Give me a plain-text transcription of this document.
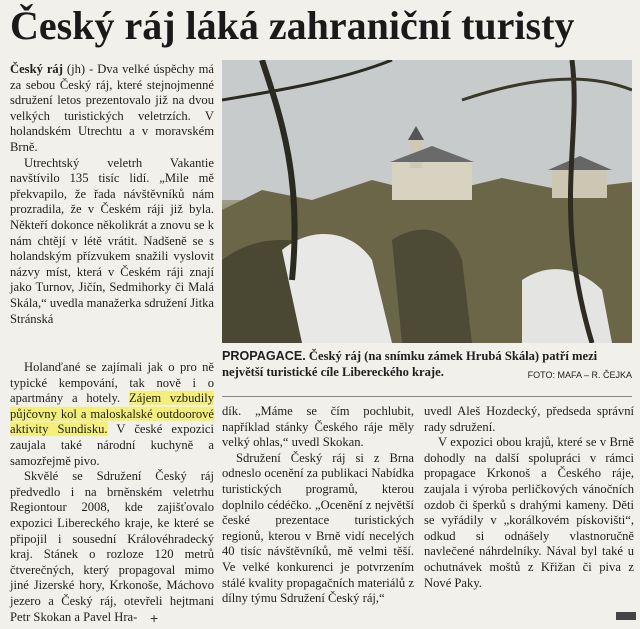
Český ráj láká zahraniční turisty

Český ráj (jh) - Dva velké úspěchy má za sebou Český ráj, které stejnojmenné sdružení letos prezentovalo již na dvou velkých turistických veletrzích. V holandském Utrechtu a v moravském Brně.

Utrechtský veletrh Vakantie navštívilo 135 tisíc lidí. „Mile mě překvapilo, že řada návštěvníků nám prozradila, že v Českém ráji již byla. Někteří dokonce několikrát a znovu se k nám chtějí v létě vrátit. Nadšeně se s holandským přízvukem snažili vyslovit názvy míst, která v Českém ráji znají jako Turnov, Jičín, Sedmihorky či Malá Skála,“ uvedla manažerka sdružení Jitka Stránská

Holanďané se zajímali jak o pro ně typické kempování, tak nově i o apartmány a hotely. Zájem vzbudily půjčovny kol a maloskalské outdoorové aktivity Sundisku. V české expozici zaujala také národní kuchyně a samozřejmě pivo.

Skvělé se Sdružení Český ráj předvedlo i na brněnském veletrhu Regiontour 2008, kde zajišťovalo expozici Libereckého kraje, ke které se připojil i sousední Královéhradecký kraj. Stánek o rozloze 120 metrů čtverečných, který propagoval mimo jiné Jizerské hory, Krkonoše, Máchovo jezero a Český ráj, otevřeli hejtmani Petr Skokan a Pavel Hra-

PROPAGACE. Český ráj (na snímku zámek Hrubá Skála) patří mezi největší turistické cíle Libereckého kraje.	FOTO: MAFA – R. ČEJKA

dík. „Máme se čím pochlubit, například stánky Českého ráje měly velký ohlas,“ uvedl Skokan.

Sdružení Český ráj si z Brna odneslo ocenění za publikaci Nabídka turistických programů, kterou doplnilo cédéčko. „Ocenění z největší české prezentace turistických regionů, kterou v Brně vidí necelých 40 tisíc návštěvníků, mě velmi těší. Ve velké konkurenci je potvrzením stálé kvality propagačních materiálů z dílny týmu Sdružení Český ráj,“

uvedl Aleš Hozdecký, předseda správní rady sdružení.

V expozici obou krajů, které se v Brně dohodly na další spolupráci v rámci propagace Krkonoš a Českého ráje, zaujala i výroba perličkových vánočních ozdob či šperků s drahými kameny. Děti se vyřádily v „korálkovém pískovišti“, odkud si odnášely vlastnoručně navlečené náhrdelníky. Nával byl také u ochutnávek moštů z Křižan či piva z Nové Paky.

+
